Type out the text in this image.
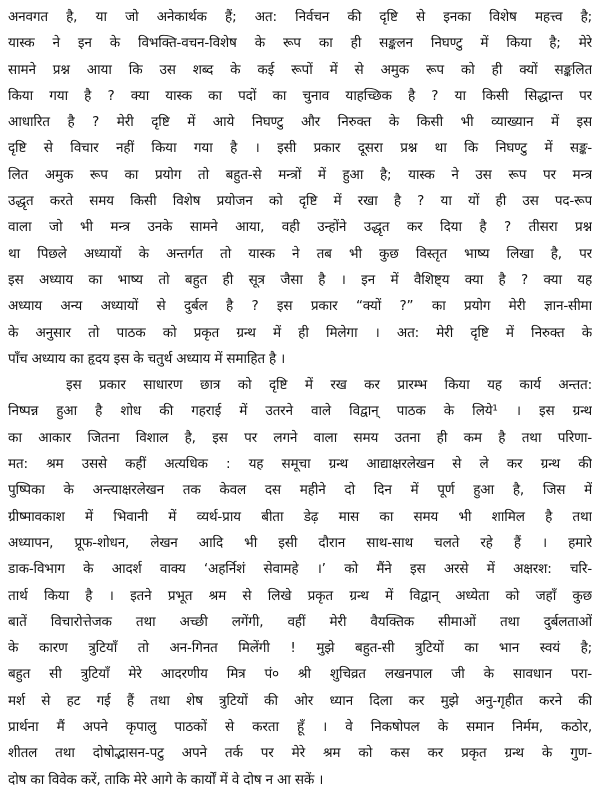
अनवगत है, या जो अनेकार्थक हैं; अत: निर्वचन की दृष्टि से इनका विशेष महत्त्व है;
यास्क ने इन के विभक्ति-वचन-विशेष के रूप का ही सङ्कलन निघण्टु में किया है; मेरे
सामने प्रश्न आया कि उस शब्द के कई रूपों में से अमुक रूप को ही क्यों सङ्कलित
किया गया है ? क्या यास्क का पदों का चुनाव याहच्छिक है ? या किसी सिद्धान्त पर
आधारित है ? मेरी दृष्टि में आये निघण्टु और निरुक्त के किसी भी व्याख्यान में इस
दृष्टि से विचार नहीं किया गया है । इसी प्रकार दूसरा प्रश्न था कि निघण्टु में सङ्क-
लित अमुक रूप का प्रयोग तो बहुत-से मन्त्रों में हुआ है; यास्क ने उस रूप पर मन्त्र
उद्धृत करते समय किसी विशेष प्रयोजन को दृष्टि में रखा है ? या यों ही उस पद-रूप
वाला जो भी मन्त्र उनके सामने आया, वही उन्होंने उद्धृत कर दिया है ? तीसरा प्रश्न
था पिछले अध्यायों के अन्तर्गत तो यास्क ने तब भी कुछ विस्तृत भाष्य लिखा है, पर
इस अध्याय का भाष्य तो बहुत ही सूत्र जैसा है । इन में वैशिष्ट्य क्या है ? क्या यह
अध्याय अन्य अध्यायों से दुर्बल है ? इस प्रकार “क्यों ?” का प्रयोग मेरी ज्ञान-सीमा
के अनुसार तो पाठक को प्रकृत ग्रन्थ में ही मिलेगा । अत: मेरी दृष्टि में निरुक्त के
पाँच अध्याय का हृदय इस के चतुर्थ अध्याय में समाहित है ।
इस प्रकार साधारण छात्र को दृष्टि में रख कर प्रारम्भ किया यह कार्य अन्तत:
निष्पन्न हुआ है शोध की गहराई में उतरने वाले विद्वान् पाठक के लिये¹ । इस ग्रन्थ
का आकार जितना विशाल है, इस पर लगने वाला समय उतना ही कम है तथा परिणा-
मत: श्रम उससे कहीं अत्यधिक : यह समूचा ग्रन्थ आद्याक्षरलेखन से ले कर ग्रन्थ की
पुष्पिका के अन्त्याक्षरलेखन तक केवल दस महीने दो दिन में पूर्ण हुआ है, जिस में
ग्रीष्मावकाश में भिवानी में व्यर्थ-प्राय बीता डेढ़ मास का समय भी शामिल है तथा
अध्यापन, प्रूफ-शोधन, लेखन आदि भी इसी दौरान साथ-साथ चलते रहे हैं । हमारे
डाक-विभाग के आदर्श वाक्य ‘अहर्निशं सेवामहे ।’ को मैंने इस अरसे में अक्षरश: चरि-
तार्थ किया है । इतने प्रभूत श्रम से लिखे प्रकृत ग्रन्थ में विद्वान् अध्येता को जहाँ कुछ
बातें विचारोत्तेजक तथा अच्छी लगेंगी, वहीं मेरी वैयक्तिक सीमाओं तथा दुर्बलताओं
के कारण त्रुटियाँ तो अन-गिनत मिलेंगी ! मुझे बहुत-सी त्रुटियों का भान स्वयं है;
बहुत सी त्रुटियाँ मेरे आदरणीय मित्र पं० श्री शुचिव्रत लखनपाल जी के सावधान परा-
मर्श से हट गई हैं तथा शेष त्रुटियों की ओर ध्यान दिला कर मुझे अनु-गृहीत करने की
प्रार्थना मैं अपने कृपालु पाठकों से करता हूँ । वे निकषोपल के समान निर्मम, कठोर,
शीतल तथा दोषोद्भासन-पटु अपने तर्क पर मेरे श्रम को कस कर प्रकृत ग्रन्थ के गुण-
दोष का विवेक करें, ताकि मेरे आगे के कार्यों में वे दोष न आ सकें ।
